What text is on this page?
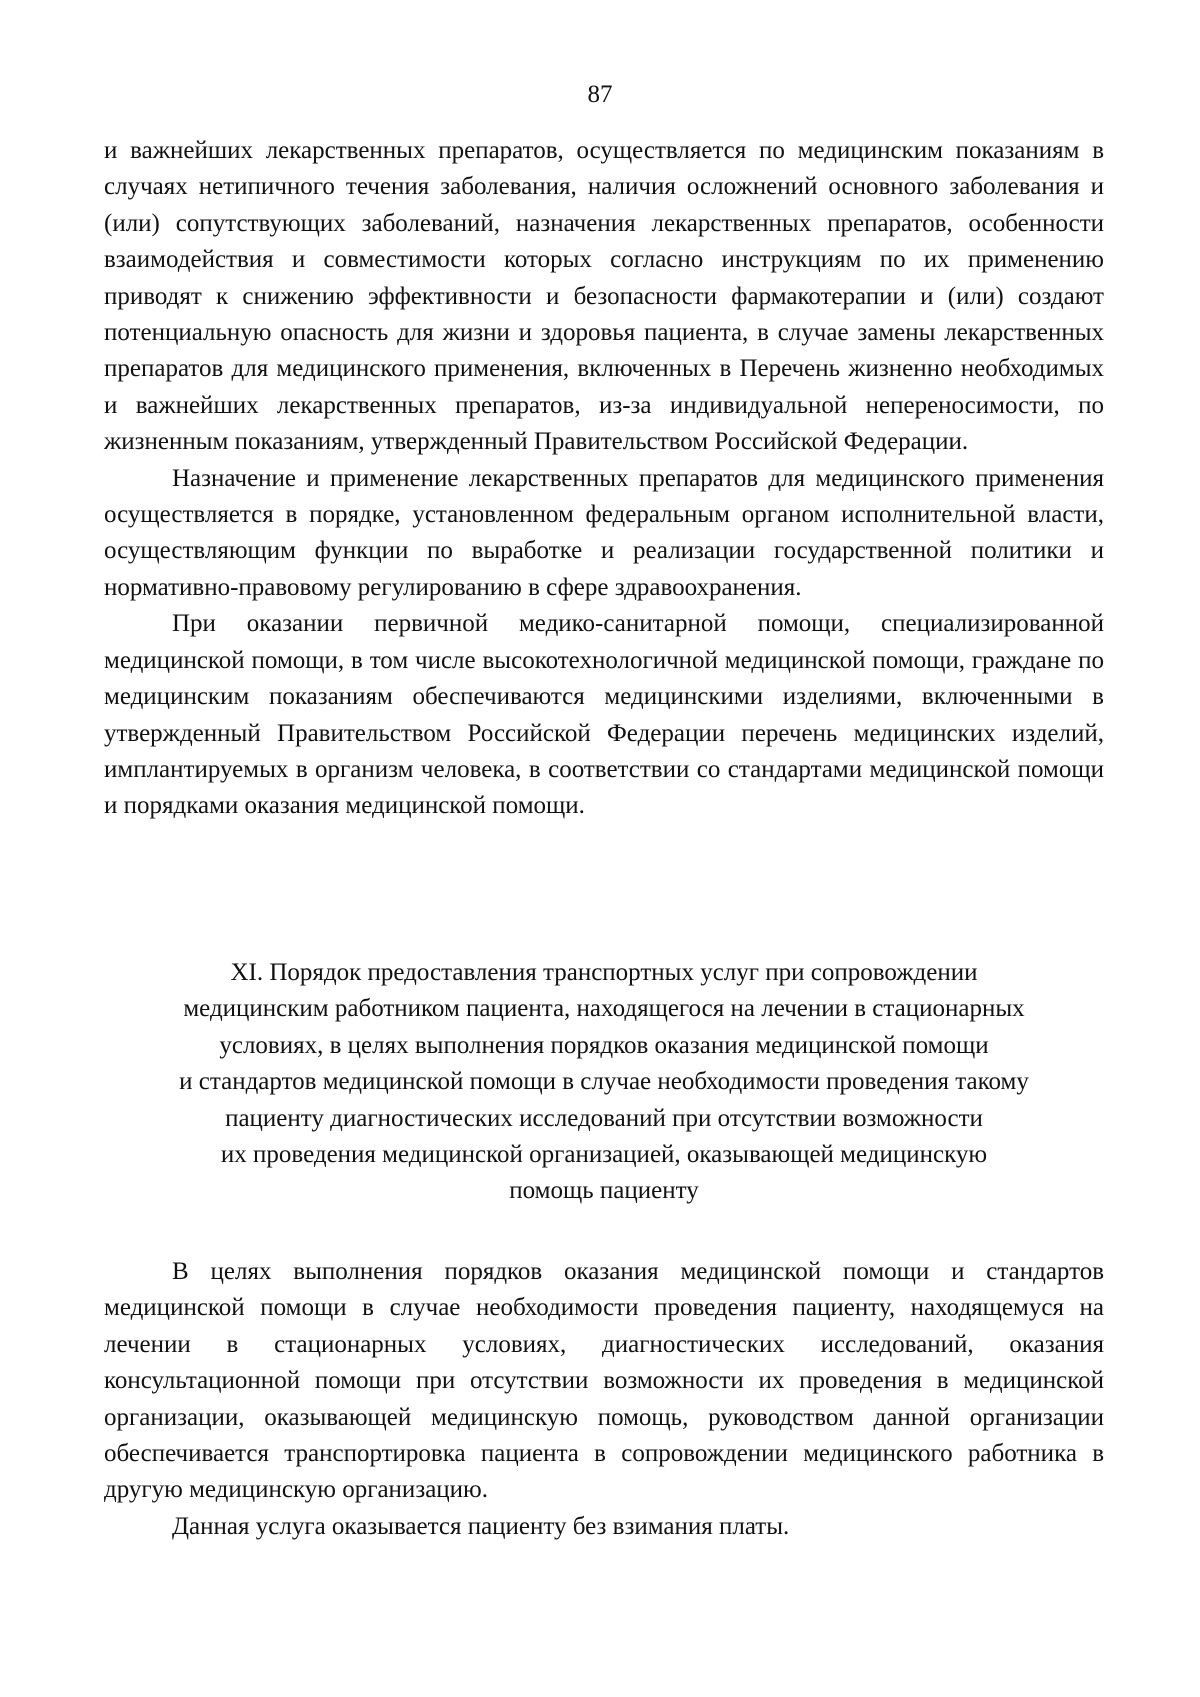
87

и важнейших лекарственных препаратов, осуществляется по медицинским показаниям в случаях нетипичного течения заболевания, наличия осложнений основного заболевания и (или) сопутствующих заболеваний, назначения лекарственных препаратов, особенности взаимодействия и совместимости которых согласно инструкциям по их применению приводят к снижению эффективности и безопасности фармакотерапии и (или) создают потенциальную опасность для жизни и здоровья пациента, в случае замены лекарственных препаратов для медицинского применения, включенных в Перечень жизненно необходимых и важнейших лекарственных препаратов, из-за индивидуальной непереносимости, по жизненным показаниям, утвержденный Правительством Российской Федерации.

Назначение и применение лекарственных препаратов для медицинского применения осуществляется в порядке, установленном федеральным органом исполнительной власти, осуществляющим функции по выработке и реализации государственной политики и нормативно-правовому регулированию в сфере здравоохранения.

При оказании первичной медико-санитарной помощи, специализированной медицинской помощи, в том числе высокотехнологичной медицинской помощи, граждане по медицинским показаниям обеспечиваются медицинскими изделиями, включенными в утвержденный Правительством Российской Федерации перечень медицинских изделий, имплантируемых в организм человека, в соответствии со стандартами медицинской помощи и порядками оказания медицинской помощи.

XI. Порядок предоставления транспортных услуг при сопровождении
медицинским работником пациента, находящегося на лечении в стационарных
условиях, в целях выполнения порядков оказания медицинской помощи
и стандартов медицинской помощи в случае необходимости проведения такому
пациенту диагностических исследований при отсутствии возможности
их проведения медицинской организацией, оказывающей медицинскую
помощь пациенту

В целях выполнения порядков оказания медицинской помощи и стандартов медицинской помощи в случае необходимости проведения пациенту, находящемуся на лечении в стационарных условиях, диагностических исследований, оказания консультационной помощи при отсутствии возможности их проведения в медицинской организации, оказывающей медицинскую помощь, руководством данной организации обеспечивается транспортировка пациента в сопровождении медицинского работника в другую медицинскую организацию.

Данная услуга оказывается пациенту без взимания платы.
